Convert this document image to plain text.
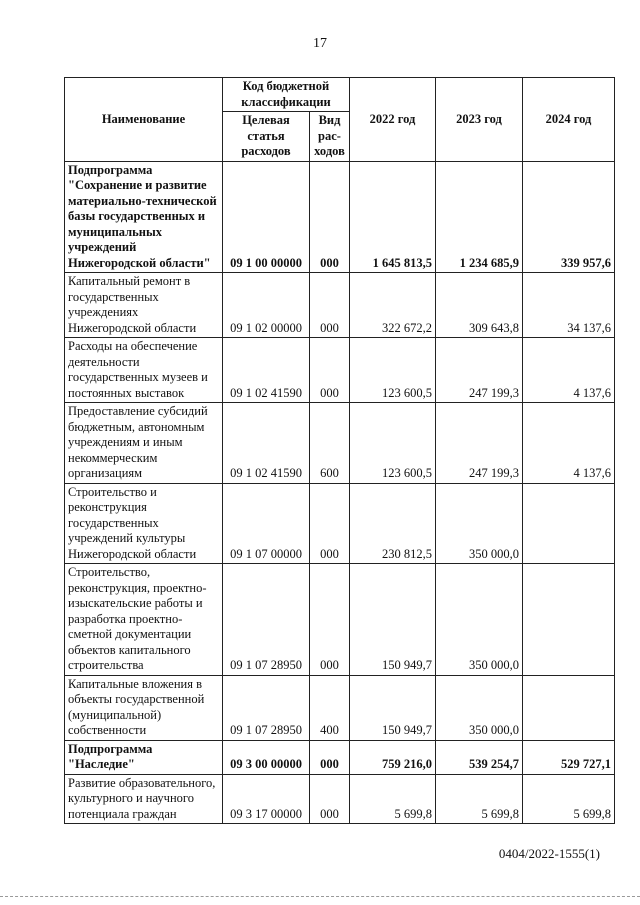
17
Наименование	Код бюджетной классификации		2022 год	2023 год	2024 год
	Целевая статья расходов	Вид рас-ходов			
Подпрограмма "Сохранение и развитие материально-технической базы государственных и муниципальных учреждений Нижегородской области"	09 1 00 00000	000	1 645 813,5	1 234 685,9	339 957,6
Капитальный ремонт в государственных учреждениях Нижегородской области	09 1 02 00000	000	322 672,2	309 643,8	34 137,6
Расходы на обеспечение деятельности государственных музеев и постоянных выставок	09 1 02 41590	000	123 600,5	247 199,3	4 137,6
Предоставление субсидий бюджетным, автономным учреждениям и иным некоммерческим организациям	09 1 02 41590	600	123 600,5	247 199,3	4 137,6
Строительство и реконструкция государственных учреждений культуры Нижегородской области	09 1 07 00000	000	230 812,5	350 000,0	
Строительство, реконструкция, проектно-изыскательские работы и разработка проектно-сметной документации объектов капитального строительства	09 1 07 28950	000	150 949,7	350 000,0	
Капитальные вложения в объекты государственной (муниципальной) собственности	09 1 07 28950	400	150 949,7	350 000,0	
Подпрограмма "Наследие"	09 3 00 00000	000	759 216,0	539 254,7	529 727,1
Развитие образовательного, культурного и научного потенциала граждан	09 3 17 00000	000	5 699,8	5 699,8	5 699,8
0404/2022-1555(1)
